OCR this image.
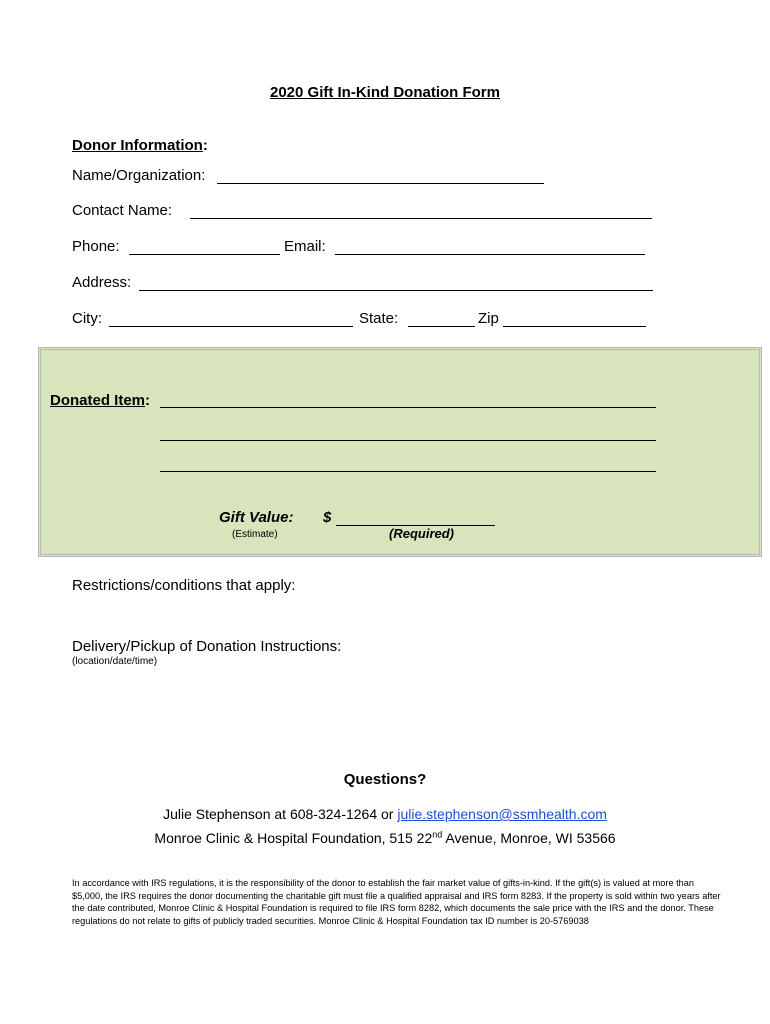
2020 Gift In-Kind Donation Form
Donor Information:
Name/Organization:
Contact Name:
Phone:	Email:
Address:
City:	State:	Zip
Donated Item:
Gift Value: $
(Estimate)	(Required)
Restrictions/conditions that apply:
Delivery/Pickup of Donation Instructions:
(location/date/time)
Questions?
Julie Stephenson at 608-324-1264 or julie.stephenson@ssmhealth.com
Monroe Clinic & Hospital Foundation, 515 22nd Avenue, Monroe, WI 53566
In accordance with IRS regulations, it is the responsibility of the donor to establish the fair market value of gifts-in-kind. If the gift(s) is valued at more than $5,000, the IRS requires the donor documenting the charitable gift must file a qualified appraisal and IRS form 8283. If the property is sold within two years after the date contributed, Monroe Clinic & Hospital Foundation is required to file IRS form 8282, which documents the sale price with the IRS and the donor. These regulations do not relate to gifts of publicly traded securities. Monroe Clinic & Hospital Foundation tax ID number is 20-5769038
